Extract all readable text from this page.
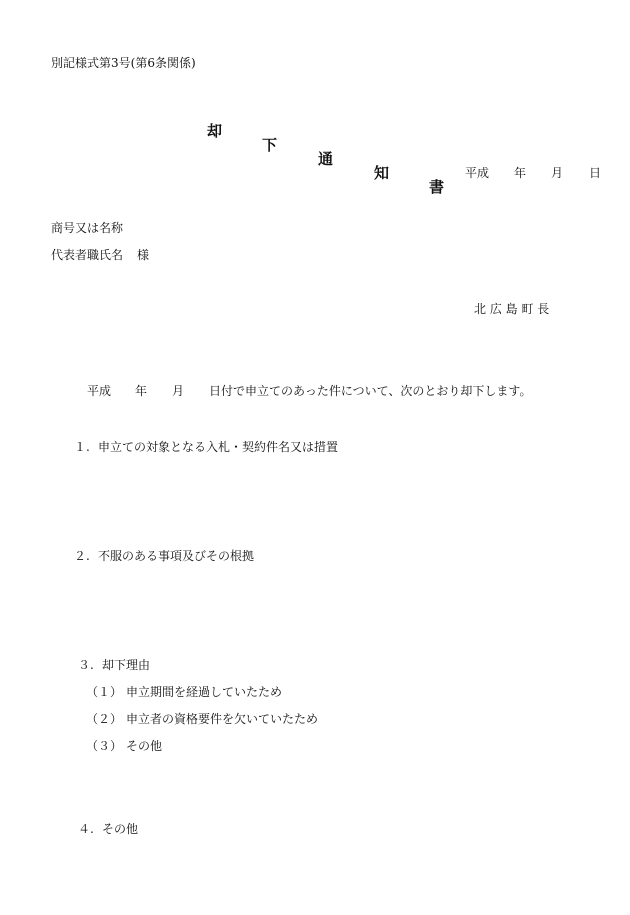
別記様式第3号(第6条関係)

却

下

通

知

書

平成 年 月 日
商号又は名称
代表者職氏名 様
北 広 島 町 長
平成 年 月 日付で申立てのあった件について、次のとおり却下します。
１. 申立ての対象となる入札・契約件名又は措置
２. 不服のある事項及びその根拠
３. 却下理由
（１） 申立期間を経過していたため
（２） 申立者の資格要件を欠いていたため
（３） その他
４. その他
